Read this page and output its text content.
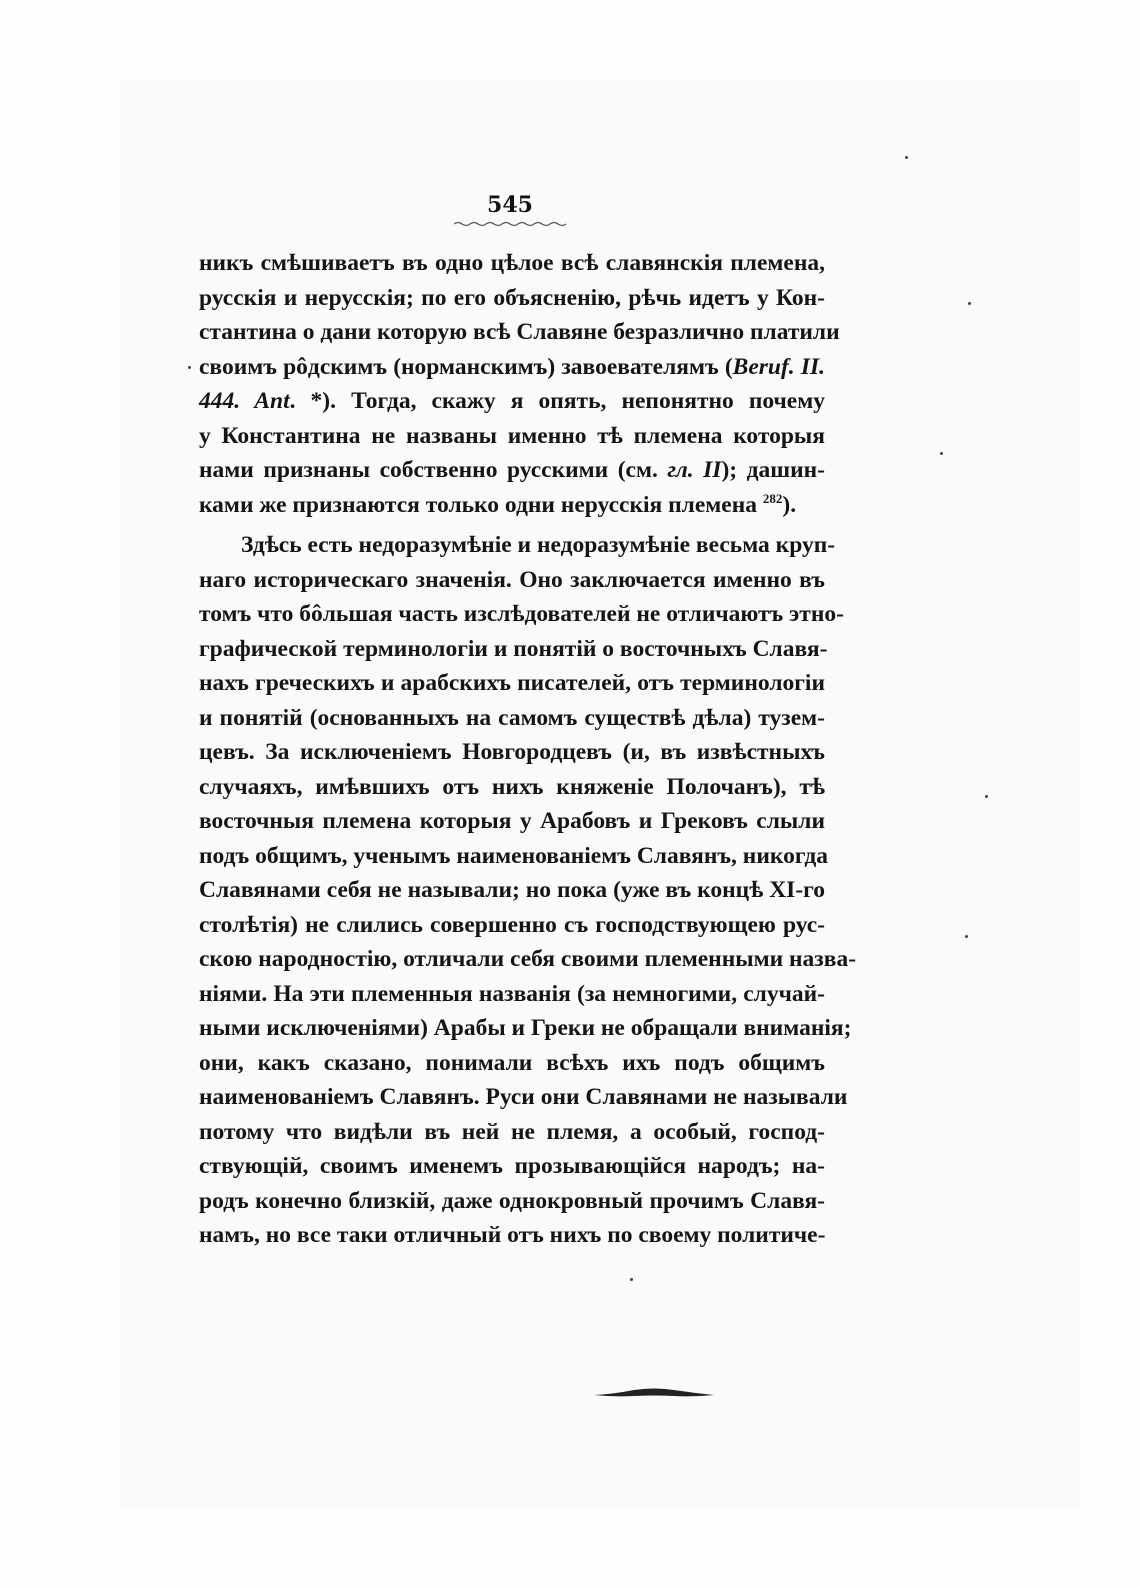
545
никъ смѣшиваетъ въ одно цѣлое всѣ славянскія племена,
русскія и нерусскія; по его объясненію, рѣчь идетъ у Кон-
стантина о дани которую всѣ Славяне безразлично платили
своимъ рôдскимъ (норманскимъ) завоевателямъ (Beruf. II.
444. Ant. *). Тогда, скажу я опять, непонятно почему
у Константина не названы именно тѣ племена которыя
нами признаны собственно русскими (см. гл. II); дашин-
ками же признаются только одни нерусскія племена $^{282}$).
Здѣсь есть недоразумѣніе и недоразумѣніе весьма круп-
наго историческаго значенія. Оно заключается именно въ
томъ что бôльшая часть изслѣдователей не отличаютъ этно-
графической терминологіи и понятій о восточныхъ Славя-
нахъ греческихъ и арабскихъ писателей, отъ терминологіи
и понятій (основанныхъ на самомъ существѣ дѣла) тузем-
цевъ. За исключеніемъ Новгородцевъ (и, въ извѣстныхъ
случаяхъ, имѣвшихъ отъ нихъ княженіе Полочанъ), тѣ
восточныя племена которыя у Арабовъ и Грековъ слыли
подъ общимъ, ученымъ наименованіемъ Славянъ, никогда
Славянами себя не называли; но пока (уже въ концѣ XI-го
столѣтія) не слились совершенно съ господствующею рус-
скою народностію, отличали себя своими племенными назва-
ніями. На эти племенныя названія (за немногими, случай-
ными исключеніями) Арабы и Греки не обращали вниманія;
они, какъ сказано, понимали всѣхъ ихъ подъ общимъ
наименованіемъ Славянъ. Руси они Славянами не называли
потому что видѣли въ ней не племя, а особый, господ-
ствующій, своимъ именемъ прозывающійся народъ; на-
родъ конечно близкій, даже однокровный прочимъ Славя-
намъ, но все таки отличный отъ нихъ по своему политиче-
